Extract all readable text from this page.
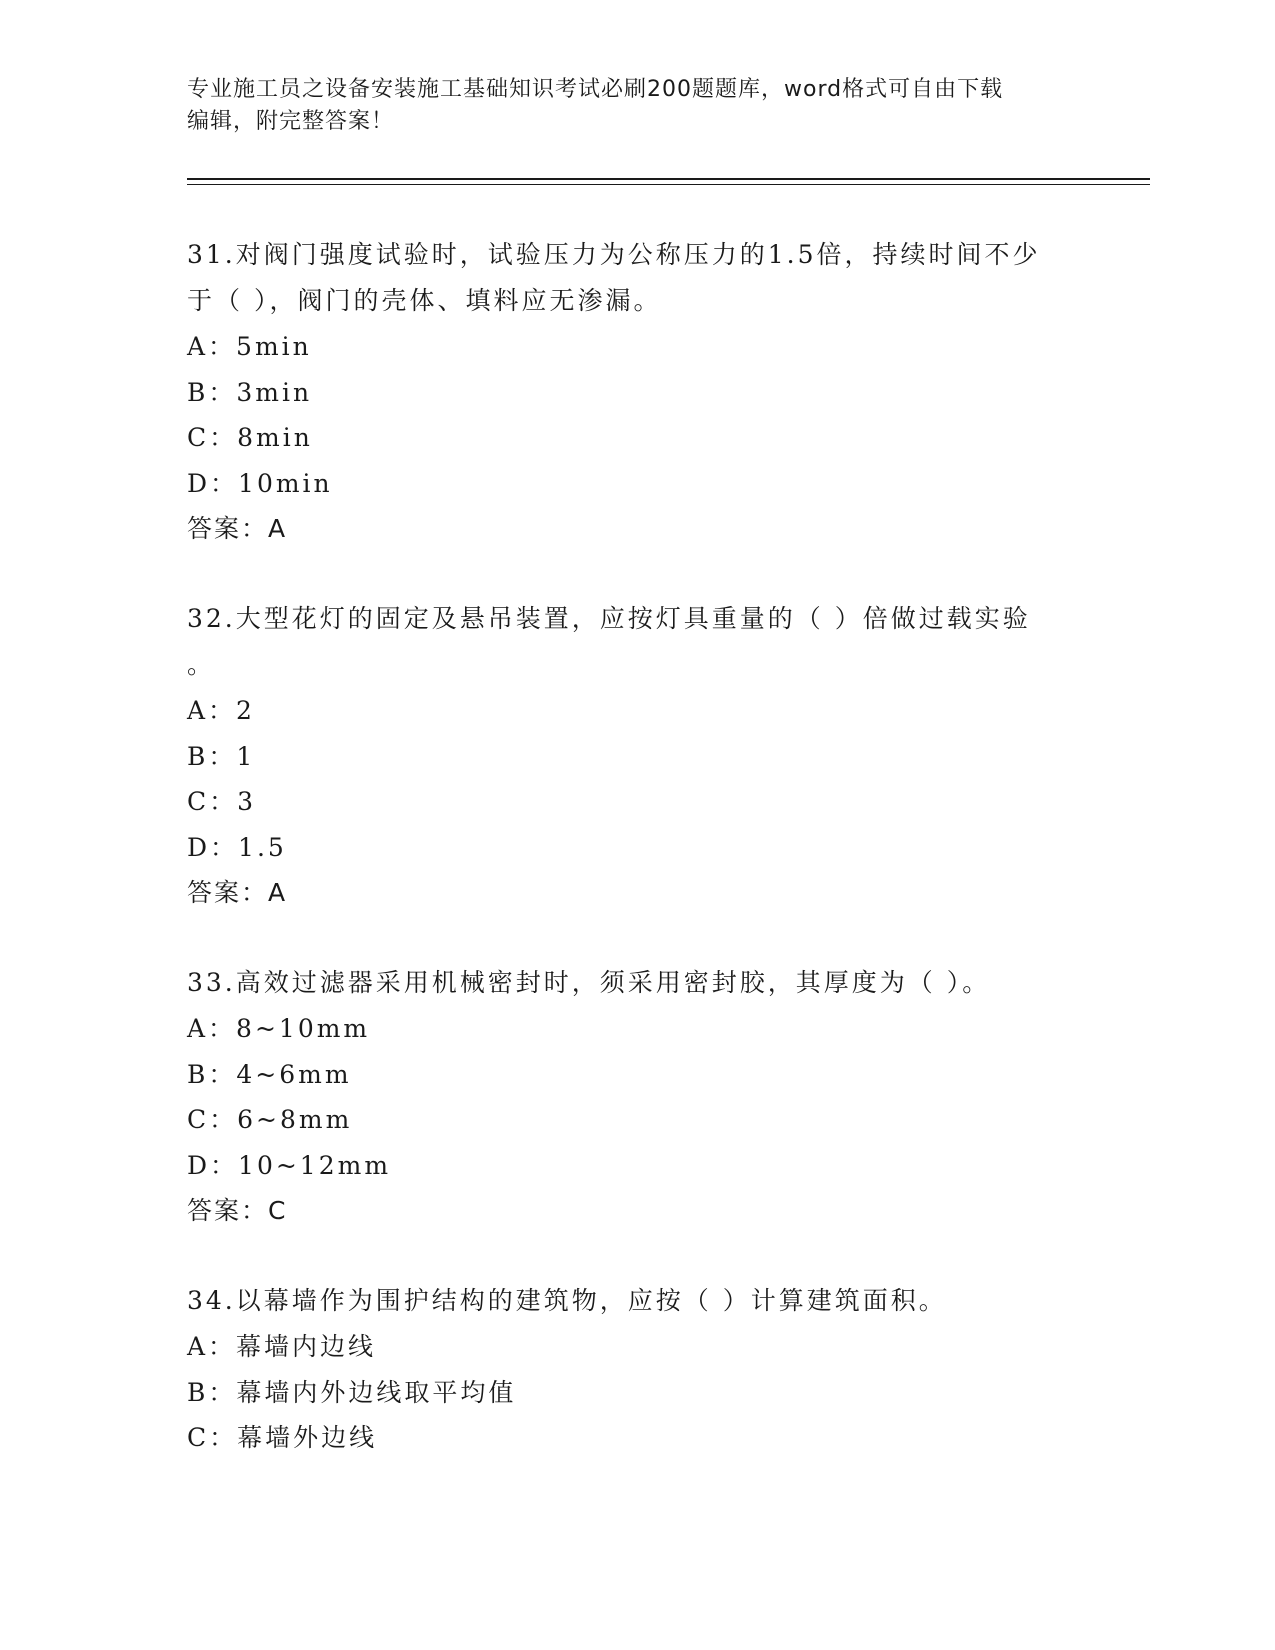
专业施工员之设备安装施工基础知识考试必刷200题题库，word格式可自由下载
编辑，附完整答案！
31.对阀门强度试验时，试验压力为公称压力的1.5倍，持续时间不少
于（ ），阀门的壳体、填料应无渗漏。
A：5min
B：3min
C：8min
D：10min
答案：A
32.大型花灯的固定及悬吊装置，应按灯具重量的（ ）倍做过载实验
。
A：2
B：1
C：3
D：1.5
答案：A
33.高效过滤器采用机械密封时，须采用密封胶，其厚度为（ ）。
A：8~10mm
B：4~6mm
C：6~8mm
D：10~12mm
答案：C
34.以幕墙作为围护结构的建筑物，应按（ ）计算建筑面积。
A：幕墙内边线
B：幕墙内外边线取平均值
C：幕墙外边线
